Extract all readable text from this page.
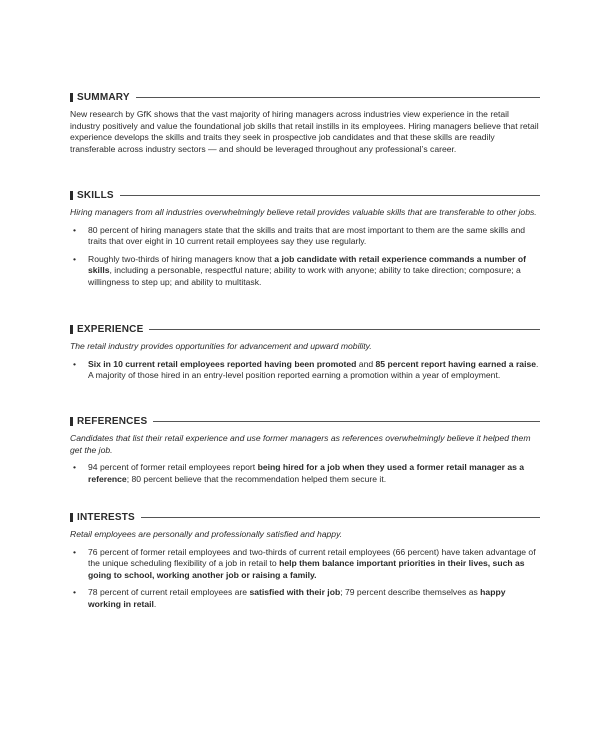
SUMMARY

New research by GfK shows that the vast majority of hiring managers across industries view experience in the retail industry positively and value the foundational job skills that retail instills in its employees. Hiring managers believe that retail experience develops the skills and traits they seek in prospective job candidates and that these skills are readily transferable across industry sectors — and should be leveraged throughout any professional’s career.

SKILLS

Hiring managers from all industries overwhelmingly believe retail provides valuable skills that are transferable to other jobs.

• 80 percent of hiring managers state that the skills and traits that are most important to them are the same skills and traits that over eight in 10 current retail employees say they use regularly.
• Roughly two-thirds of hiring managers know that a job candidate with retail experience commands a number of skills, including a personable, respectful nature; ability to work with anyone; ability to take direction; composure; a willingness to step up; and ability to multitask.
EXPERIENCE

The retail industry provides opportunities for advancement and upward mobility.

• Six in 10 current retail employees reported having been promoted and 85 percent report having earned a raise. A majority of those hired in an entry-level position reported earning a promotion within a year of employment.
REFERENCES

Candidates that list their retail experience and use former managers as references overwhelmingly believe it helped them get the job.

• 94 percent of former retail employees report being hired for a job when they used a former retail manager as a reference; 80 percent believe that the recommendation helped them secure it.
INTERESTS

Retail employees are personally and professionally satisfied and happy.

• 76 percent of former retail employees and two-thirds of current retail employees (66 percent) have taken advantage of the unique scheduling flexibility of a job in retail to help them balance important priorities in their lives, such as going to school, working another job or raising a family.
• 78 percent of current retail employees are satisfied with their job; 79 percent describe themselves as happy working in retail.
